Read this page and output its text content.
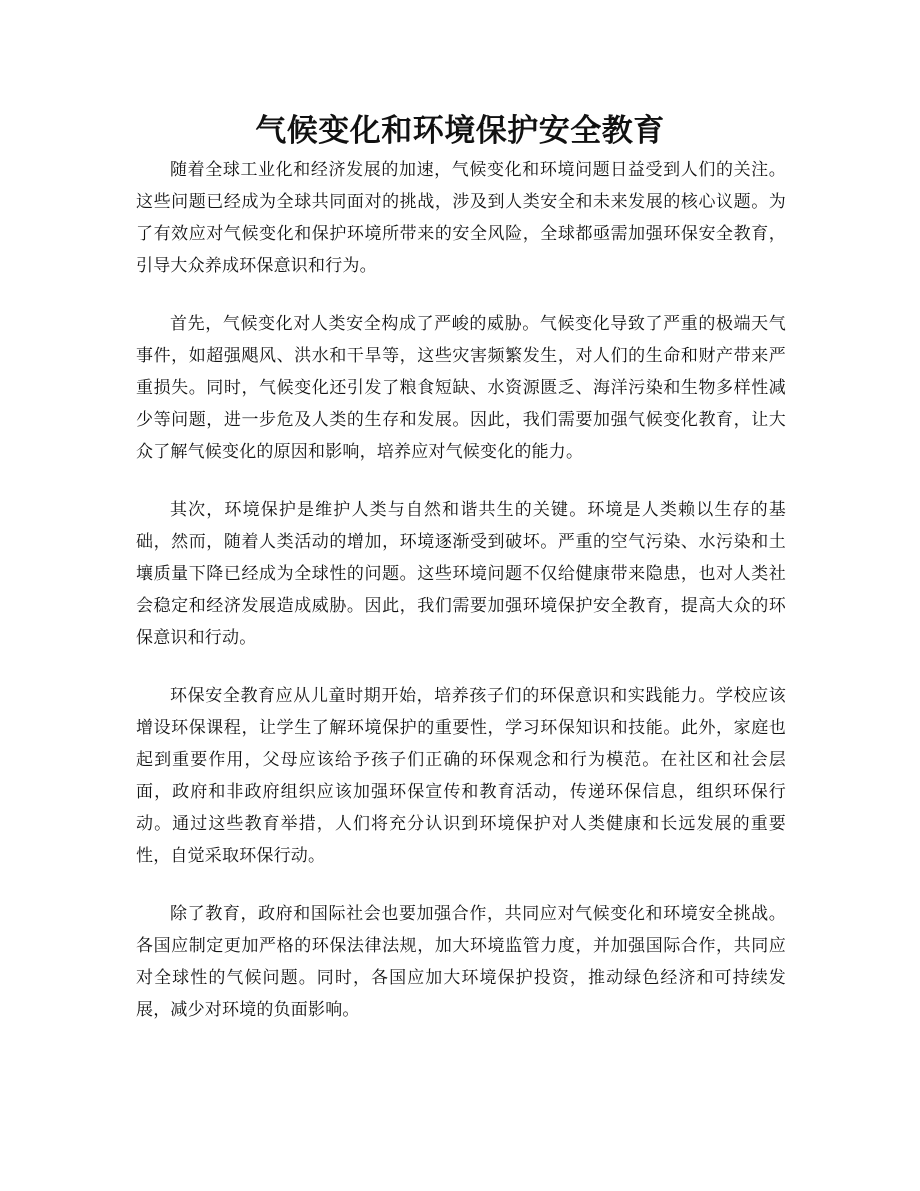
气候变化和环境保护安全教育

随着全球工业化和经济发展的加速，气候变化和环境问题日益受到人们的关注。这些问题已经成为全球共同面对的挑战，涉及到人类安全和未来发展的核心议题。为了有效应对气候变化和保护环境所带来的安全风险，全球都亟需加强环保安全教育，引导大众养成环保意识和行为。

首先，气候变化对人类安全构成了严峻的威胁。气候变化导致了严重的极端天气事件，如超强飓风、洪水和干旱等，这些灾害频繁发生，对人们的生命和财产带来严重损失。同时，气候变化还引发了粮食短缺、水资源匮乏、海洋污染和生物多样性减少等问题，进一步危及人类的生存和发展。因此，我们需要加强气候变化教育，让大众了解气候变化的原因和影响，培养应对气候变化的能力。

其次，环境保护是维护人类与自然和谐共生的关键。环境是人类赖以生存的基础，然而，随着人类活动的增加，环境逐渐受到破坏。严重的空气污染、水污染和土壤质量下降已经成为全球性的问题。这些环境问题不仅给健康带来隐患，也对人类社会稳定和经济发展造成威胁。因此，我们需要加强环境保护安全教育，提高大众的环保意识和行动。

环保安全教育应从儿童时期开始，培养孩子们的环保意识和实践能力。学校应该增设环保课程，让学生了解环境保护的重要性，学习环保知识和技能。此外，家庭也起到重要作用，父母应该给予孩子们正确的环保观念和行为模范。在社区和社会层面，政府和非政府组织应该加强环保宣传和教育活动，传递环保信息，组织环保行动。通过这些教育举措，人们将充分认识到环境保护对人类健康和长远发展的重要性，自觉采取环保行动。

除了教育，政府和国际社会也要加强合作，共同应对气候变化和环境安全挑战。各国应制定更加严格的环保法律法规，加大环境监管力度，并加强国际合作，共同应对全球性的气候问题。同时，各国应加大环境保护投资，推动绿色经济和可持续发展，减少对环境的负面影响。
